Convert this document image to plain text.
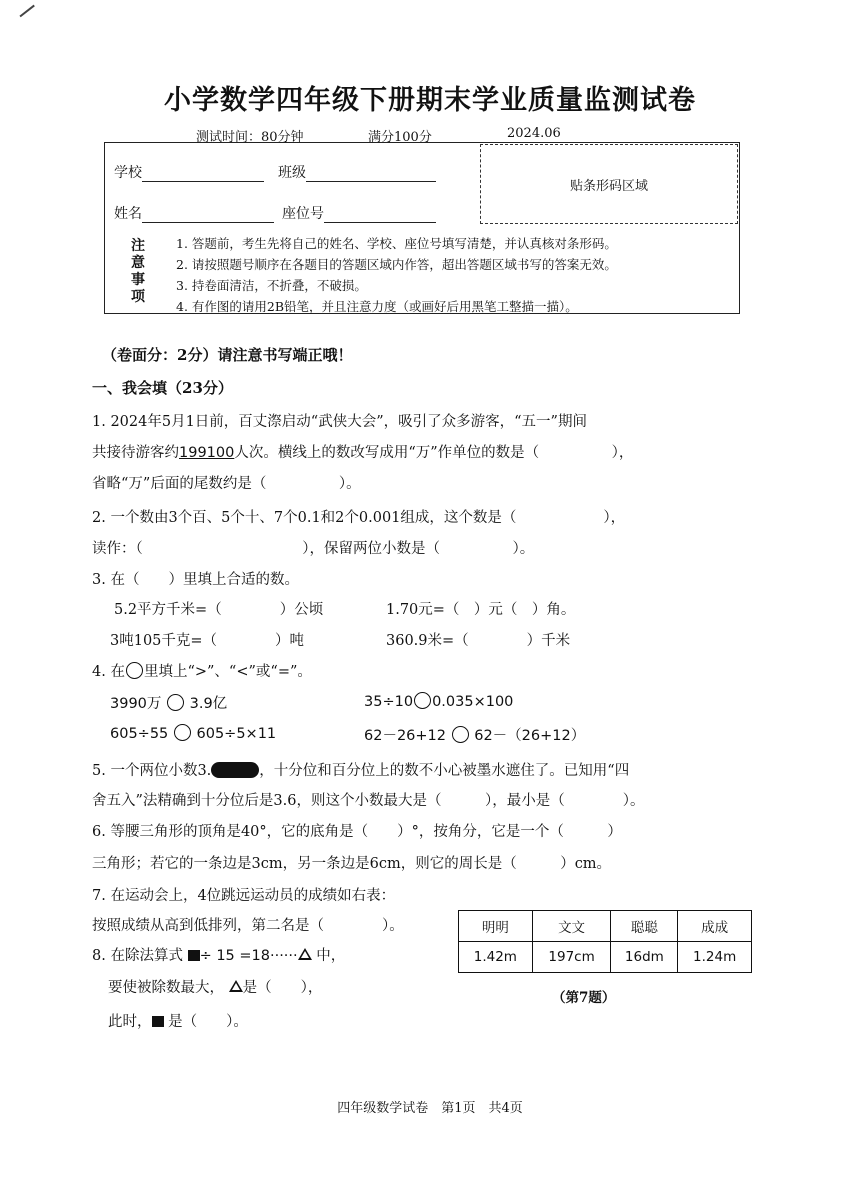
小学数学四年级下册期末学业质量监测试卷
测试时间：80分钟	满分100分	2024.06
贴条形码区域
学校	班级
姓名	座位号
注
意
事
项
1. 答题前，考生先将自己的姓名、学校、座位号填写清楚，并认真核对条形码。
2. 请按照题号顺序在各题目的答题区域内作答，超出答题区域书写的答案无效。
3. 持卷面清洁，不折叠，不破损。
4. 有作图的请用2B铅笔，并且注意力度（或画好后用黑笔工整描一描）。
（卷面分：2分）请注意书写端正哦！
一、我会填（23分）
1. 2024年5月1日前，百丈漈启动“武侠大会”，吸引了众多游客，“五一”期间
共接待游客约199100人次。横线上的数改写成用“万”作单位的数是（　　　　　），
省略“万”后面的尾数约是（　　　　　）。
2. 一个数由3个百、5个十、7个0.1和2个0.001组成，这个数是（　　　　　　），
读作：（　　　　　　　　　　　），保留两位小数是（　　　　　）。
3. 在（　　）里填上合适的数。
5.2平方千米=（　　　　）公顷	1.70元=（　）元（　）角。
3吨105千克=（　　　　）吨	360.9米=（　　　　）千米
4. 在 里填上“>”、“<”或“=”。
3990万 3.9亿	35÷10 0.035×100
605÷55 605÷5×11	62－26+12 62－（26+12）
5. 一个两位小数3.	，十分位和百分位上的数不小心被墨水遮住了。已知用“四
舍五入”法精确到十分位后是3.6，则这个小数最大是（　　　），最小是（　　　　）。
6. 等腰三角形的顶角是40°，它的底角是（　　）°，按角分，它是一个（　　　）
三角形；若它的一条边是3cm，另一条边是6cm，则它的周长是（　　　）cm。
7. 在运动会上，4位跳远运动员的成绩如右表：
按照成绩从高到低排列，第二名是（　　　　）。	明明	文文	聪聪	成成
1.42m	197cm	16dm	1.24m
（第7题）
8. 在除法算式 ÷ 15 =18······ 中，
要使被除数最大， 是（　　），
此时， 是（　　）。
四年级数学试卷　第1页　共4页
